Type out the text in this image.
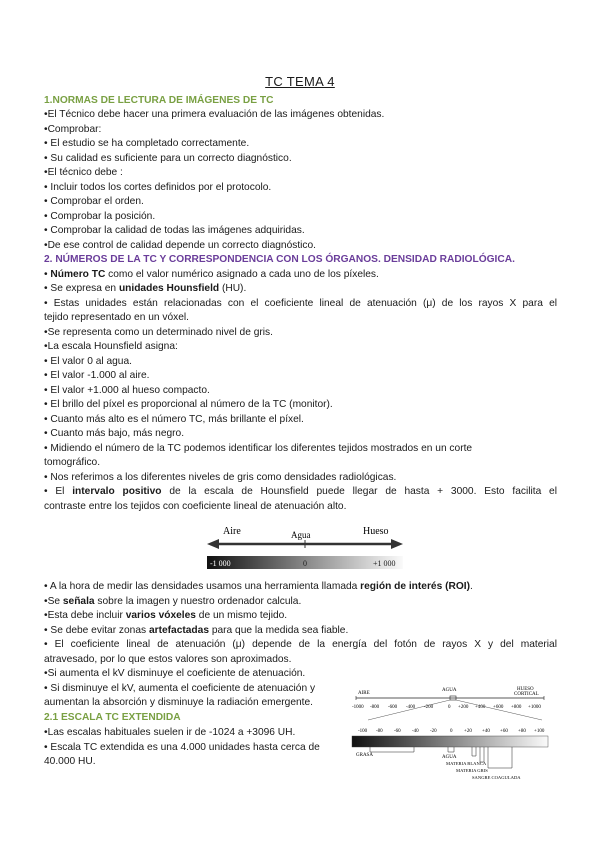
TC TEMA 4
1.NORMAS DE LECTURA DE IMÁGENES DE TC
•El Técnico debe hacer una primera evaluación de las imágenes obtenidas.
•Comprobar:
• El estudio se ha completado correctamente.
• Su calidad es suficiente para un correcto diagnóstico.
•El técnico debe :
• Incluir todos los cortes definidos por el protocolo.
• Comprobar el orden.
• Comprobar la posición.
• Comprobar la calidad de todas las imágenes adquiridas.
•De ese control de calidad depende un correcto diagnóstico.
2. NÚMEROS DE LA TC Y CORRESPONDENCIA CON LOS ÓRGANOS. DENSIDAD RADIOLÓGICA.
• Número TC como el valor numérico asignado a cada uno de los píxeles.
• Se expresa en unidades Hounsfield (HU).
• Estas unidades están relacionadas con el coeficiente lineal de atenuación (μ) de los rayos X para el
tejido representado en un vóxel.
•Se representa como un determinado nivel de gris.
•La escala Hounsfield asigna:
• El valor 0 al agua.
• El valor -1.000 al aire.
• El valor +1.000 al hueso compacto.
• El brillo del píxel es proporcional al número de la TC (monitor).
• Cuanto más alto es el número TC, más brillante el píxel.
• Cuanto más bajo, más negro.
• Midiendo el número de la TC podemos identificar los diferentes tejidos mostrados en un corte
tomográfico.
• Nos referimos a los diferentes niveles de gris como densidades radiológicas.
• El intervalo positivo de la escala de Hounsfield puede llegar de hasta + 3000. Esto facilita el
contraste entre los tejidos con coeficiente lineal de atenuación alto.
Aire	Agua	Hueso
-1 000	0	+1 000
• A la hora de medir las densidades usamos una herramienta llamada región de interés (ROI).
•Se señala sobre la imagen y nuestro ordenador calcula.
•Esta debe incluir varios vóxeles de un mismo tejido.
• Se debe evitar zonas artefactadas para que la medida sea fiable.
• El coeficiente lineal de atenuación (μ) depende de la energía del fotón de rayos X y del material
atravesado, por lo que estos valores son aproximados.
•Si aumenta el kV disminuye el coeficiente de atenuación.
• Si disminuye el kV, aumenta el coeficiente de atenuación y
aumentan la absorción y disminuye la radiación emergente.
2.1 ESCALA TC EXTENDIDA
•Las escalas habituales suelen ir de -1024 a +3096 UH.
• Escala TC extendida es una 4.000 unidades hasta cerca de
40.000 HU.
AIRE
AGUA	HUESO
CORTICAL
-1000 -800 -600 -400 -200	0 +200 +400 +600 +800 +1000
-100 -80 -60 -40 -20	0 +20 +40 +60 +80 +100
GRASA	AGUA
MATERIA BLANCA
MATERIA GRIS
SANGRE COAGULADA
